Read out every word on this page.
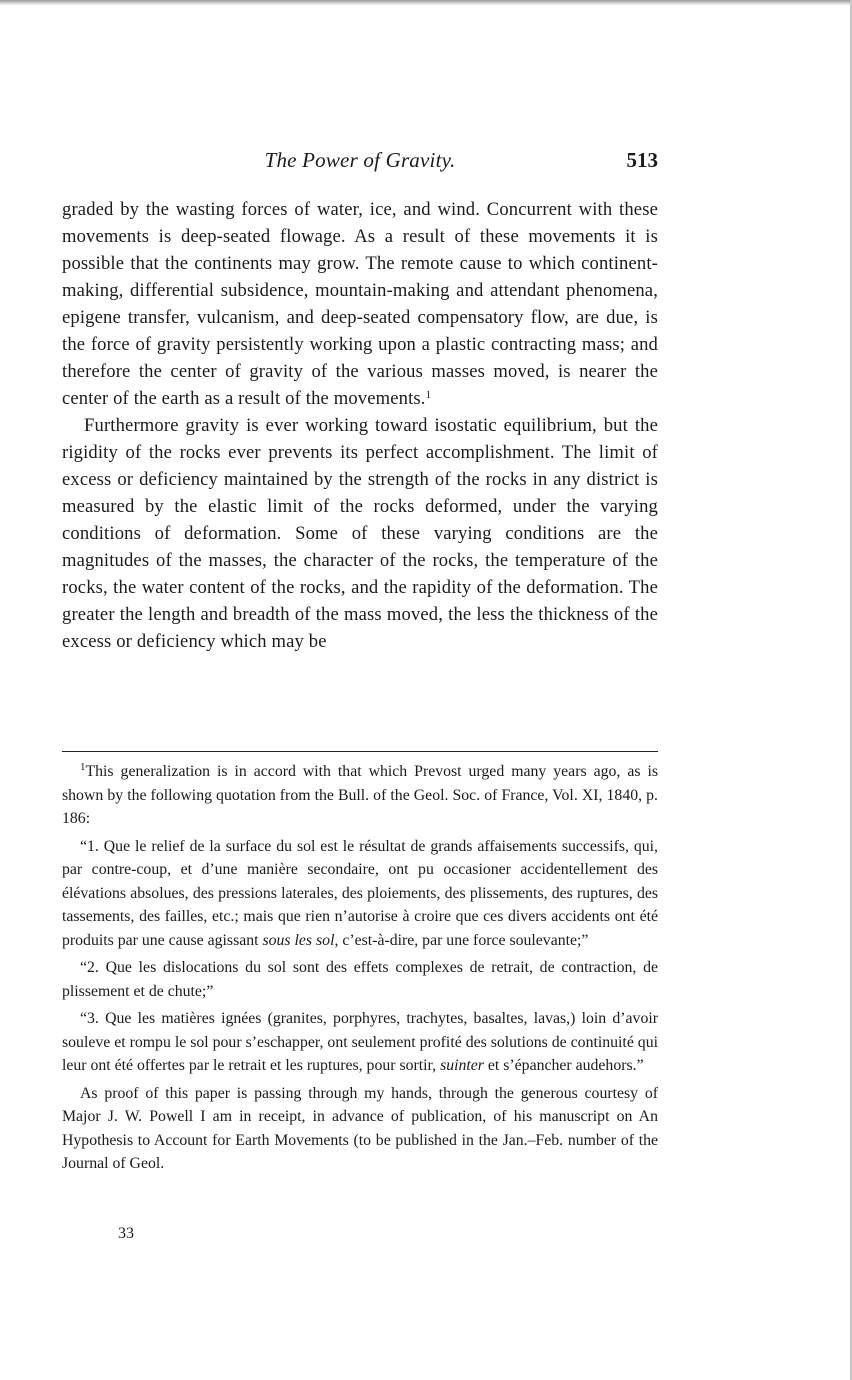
The Power of Gravity.	513

graded by the wasting forces of water, ice, and wind. Concurrent with these movements is deep-seated flowage. As a result of these movements it is possible that the continents may grow. The remote cause to which continent-making, differential subsidence, mountain-making and attendant phenomena, epigene transfer, vulcanism, and deep-seated compensatory flow, are due, is the force of gravity persistently working upon a plastic contracting mass; and therefore the center of gravity of the various masses moved, is nearer the center of the earth as a result of the movements.$^1$

Furthermore gravity is ever working toward isostatic equilibrium, but the rigidity of the rocks ever prevents its perfect accomplishment. The limit of excess or deficiency maintained by the strength of the rocks in any district is measured by the elastic limit of the rocks deformed, under the varying conditions of deformation. Some of these varying conditions are the magnitudes of the masses, the character of the rocks, the temperature of the rocks, the water content of the rocks, and the rapidity of the deformation. The greater the length and breadth of the mass moved, the less the thickness of the excess or deficiency which may be

$^1$This generalization is in accord with that which Prevost urged many years ago, as is shown by the following quotation from the Bull. of the Geol. Soc. of France, Vol. XI, 1840, p. 186:

“1. Que le relief de la surface du sol est le résultat de grands affaisements successifs, qui, par contre-coup, et d’une manière secondaire, ont pu occasioner accidentellement des élévations absolues, des pressions laterales, des ploiements, des plissements, des ruptures, des tassements, des failles, etc.; mais que rien n’autorise à croire que ces divers accidents ont été produits par une cause agissant sous les sol, c’est-à-dire, par une force soulevante;”

“2. Que les dislocations du sol sont des effets complexes de retrait, de contraction, de plissement et de chute;”

“3. Que les matières ignées (granites, porphyres, trachytes, basaltes, lavas,) loin d’avoir souleve et rompu le sol pour s’eschapper, ont seulement profité des solutions de continuité qui leur ont été offertes par le retrait et les ruptures, pour sortir, suinter et s’épancher audehors.”

As proof of this paper is passing through my hands, through the generous courtesy of Major J. W. Powell I am in receipt, in advance of publication, of his manuscript on An Hypothesis to Account for Earth Movements (to be published in the Jan.–Feb. number of the Journal of Geol.

33
